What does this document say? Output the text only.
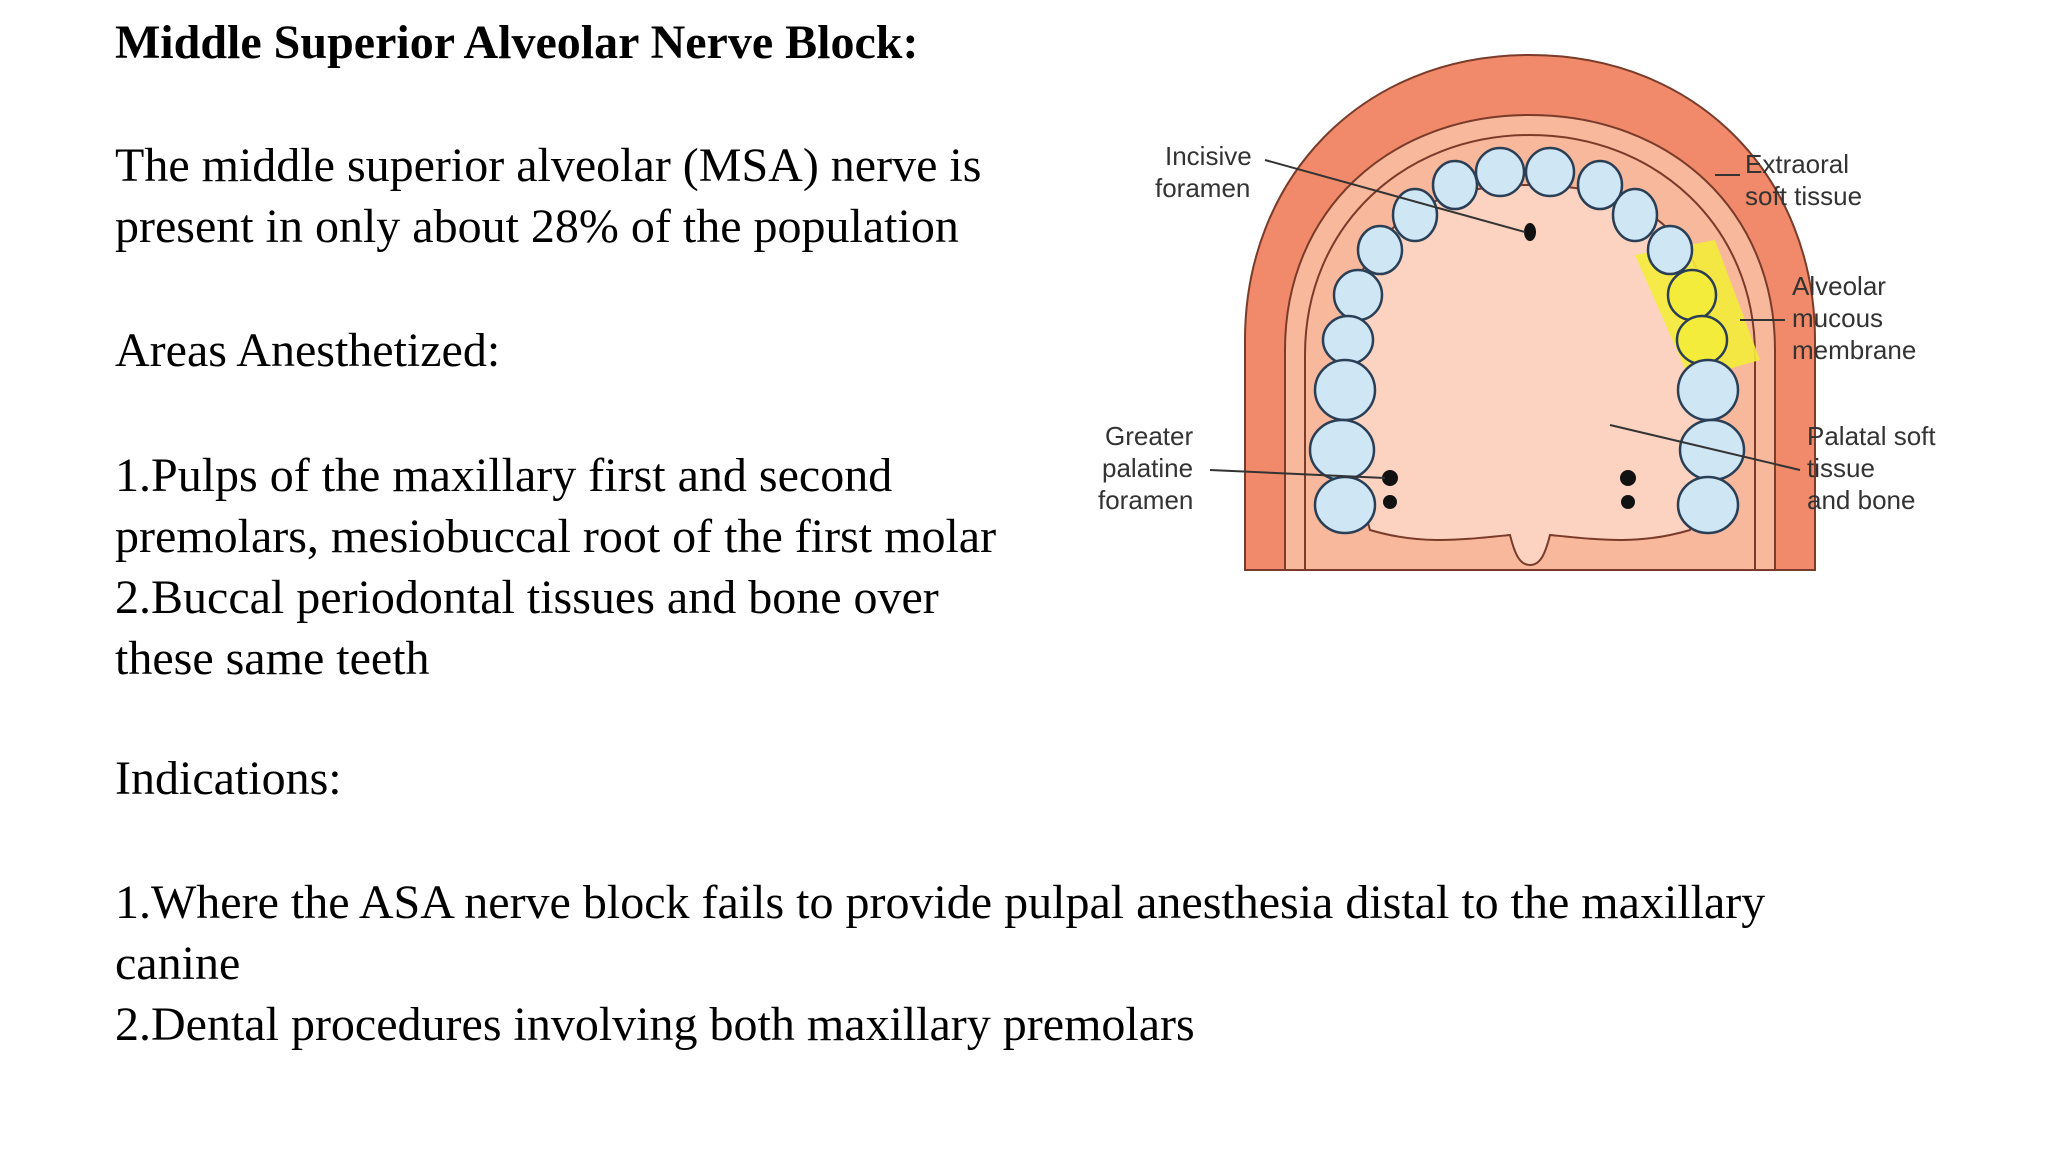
Middle Superior Alveolar Nerve Block:
The middle superior alveolar (MSA) nerve is
present in only about 28% of the population
Areas Anesthetized:
1.Pulps of the maxillary first and second
premolars, mesiobuccal root of the first molar
2.Buccal periodontal tissues and bone over
these same teeth
Indications:
1.Where the ASA nerve block fails to provide pulpal anesthesia distal to the maxillary
canine
2.Dental procedures involving both maxillary premolars
Incisive
foramen
Extraoral
soft tissue
Alveolar
mucous
membrane
Greater
palatine
foramen
Palatal soft
tissue
and bone
